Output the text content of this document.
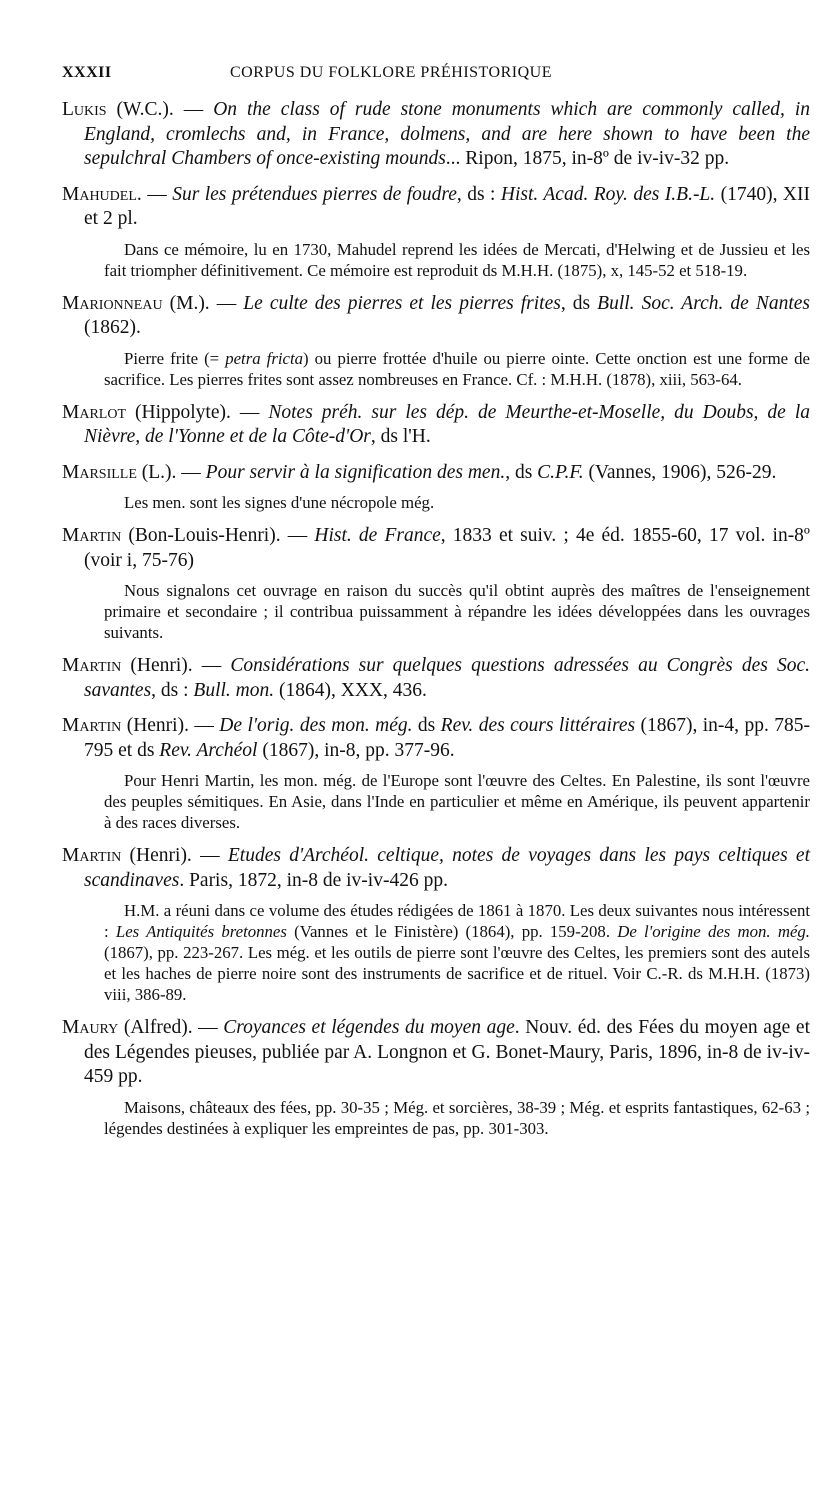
XXXII	CORPUS DU FOLKLORE PRÉHISTORIQUE

Lukis (W.C.). — On the class of rude stone monuments which are commonly called, in England, cromlechs and, in France, dolmens, and are here shown to have been the sepulchral Chambers of once-existing mounds... Ripon, 1875, in-8º de iv-iv-32 pp.

Mahudel. — Sur les prétendues pierres de foudre, ds : Hist. Acad. Roy. des I.B.-L. (1740), XII et 2 pl.

Dans ce mémoire, lu en 1730, Mahudel reprend les idées de Mercati, d'Helwing et de Jussieu et les fait triompher définitivement. Ce mémoire est reproduit ds M.H.H. (1875), x, 145-52 et 518-19.

Marionneau (M.). — Le culte des pierres et les pierres frites, ds Bull. Soc. Arch. de Nantes (1862).

Pierre frite (= petra fricta) ou pierre frottée d'huile ou pierre ointe. Cette onction est une forme de sacrifice. Les pierres frites sont assez nombreuses en France. Cf. : M.H.H. (1878), xiii, 563-64.

Marlot (Hippolyte). — Notes préh. sur les dép. de Meurthe-et-Moselle, du Doubs, de la Nièvre, de l'Yonne et de la Côte-d'Or, ds l'H.

Marsille (L.). — Pour servir à la signification des men., ds C.P.F. (Vannes, 1906), 526-29.

Les men. sont les signes d'une nécropole még.

Martin (Bon-Louis-Henri). — Hist. de France, 1833 et suiv. ; 4e éd. 1855-60, 17 vol. in-8º (voir i, 75-76)

Nous signalons cet ouvrage en raison du succès qu'il obtint auprès des maîtres de l'enseignement primaire et secondaire ; il contribua puissamment à répandre les idées développées dans les ouvrages suivants.

Martin (Henri). — Considérations sur quelques questions adressées au Congrès des Soc. savantes, ds : Bull. mon. (1864), XXX, 436.

Martin (Henri). — De l'orig. des mon. még. ds Rev. des cours littéraires (1867), in-4, pp. 785-795 et ds Rev. Archéol (1867), in-8, pp. 377-96.

Pour Henri Martin, les mon. még. de l'Europe sont l'œuvre des Celtes. En Palestine, ils sont l'œuvre des peuples sémitiques. En Asie, dans l'Inde en particulier et même en Amérique, ils peuvent appartenir à des races diverses.

Martin (Henri). — Etudes d'Archéol. celtique, notes de voyages dans les pays celtiques et scandinaves. Paris, 1872, in-8 de iv-iv-426 pp.

H.M. a réuni dans ce volume des études rédigées de 1861 à 1870. Les deux suivantes nous intéressent : Les Antiquités bretonnes (Vannes et le Finistère) (1864), pp. 159-208. De l'origine des mon. még. (1867), pp. 223-267. Les még. et les outils de pierre sont l'œuvre des Celtes, les premiers sont des autels et les haches de pierre noire sont des instruments de sacrifice et de rituel. Voir C.-R. ds M.H.H. (1873) viii, 386-89.

Maury (Alfred). — Croyances et légendes du moyen age. Nouv. éd. des Fées du moyen age et des Légendes pieuses, publiée par A. Longnon et G. Bonet-Maury, Paris, 1896, in-8 de iv-iv-459 pp.

Maisons, châteaux des fées, pp. 30-35 ; Még. et sorcières, 38-39 ; Még. et esprits fantastiques, 62-63 ; légendes destinées à expliquer les empreintes de pas, pp. 301-303.
